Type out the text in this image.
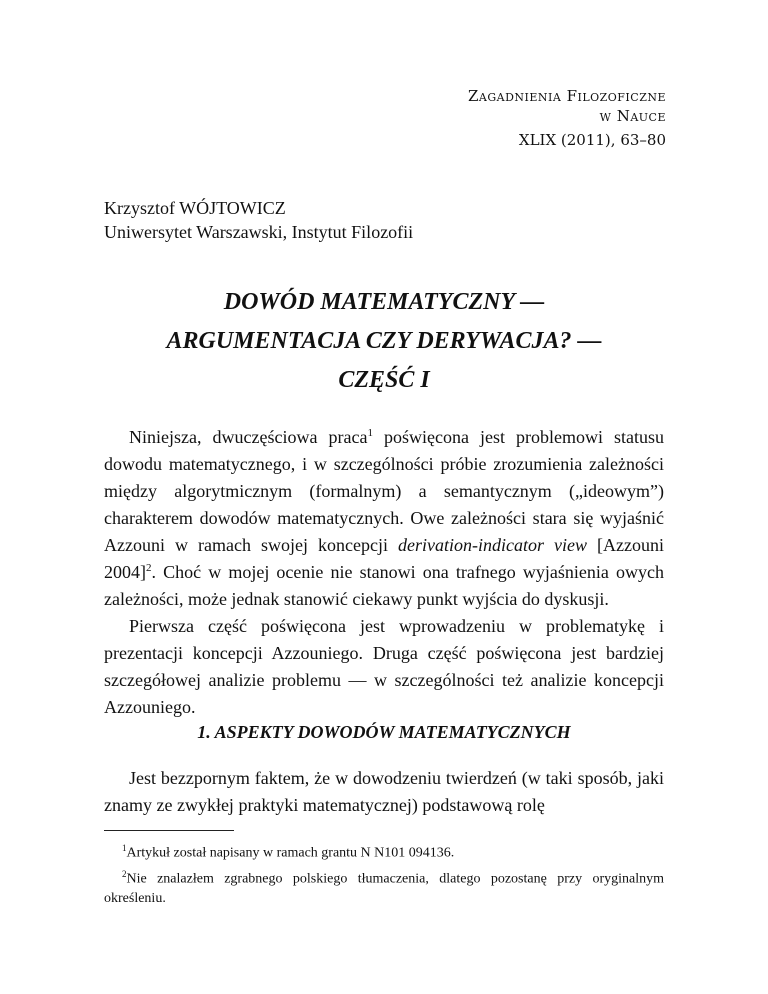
Zagadnienia Filozoficzne
w Nauce
XLIX (2011), 63–80
Krzysztof WÓJTOWICZ
Uniwersytet Warszawski, Instytut Filozofii
DOWÓD MATEMATYCZNY —
ARGUMENTACJA CZY DERYWACJA? —
CZĘŚĆ I

Niniejsza, dwuczęściowa praca$^1$ poświęcona jest problemowi statusu dowodu matematycznego, i w szczególności próbie zrozumienia zależności między algorytmicznym (formalnym) a semantycznym („ideowym”) charakterem dowodów matematycznych. Owe zależności stara się wyjaśnić Azzouni w ramach swojej koncepcji derivation-indicator view [Azzouni 2004]$^2$. Choć w mojej ocenie nie stanowi ona trafnego wyjaśnienia owych zależności, może jednak stanowić ciekawy punkt wyjścia do dyskusji.

Pierwsza część poświęcona jest wprowadzeniu w problematykę i prezentacji koncepcji Azzouniego. Druga część poświęcona jest bardziej szczegółowej analizie problemu — w szczególności też analizie koncepcji Azzouniego.

1. ASPEKTY DOWODÓW MATEMATYCZNYCH

Jest bezzpornym faktem, że w dowodzeniu twierdzeń (w taki sposób, jaki znamy ze zwykłej praktyki matematycznej) podstawową rolę

$^1$Artykuł został napisany w ramach grantu N N101 094136.

$^2$Nie znalazłem zgrabnego polskiego tłumaczenia, dlatego pozostanę przy oryginalnym określeniu.
